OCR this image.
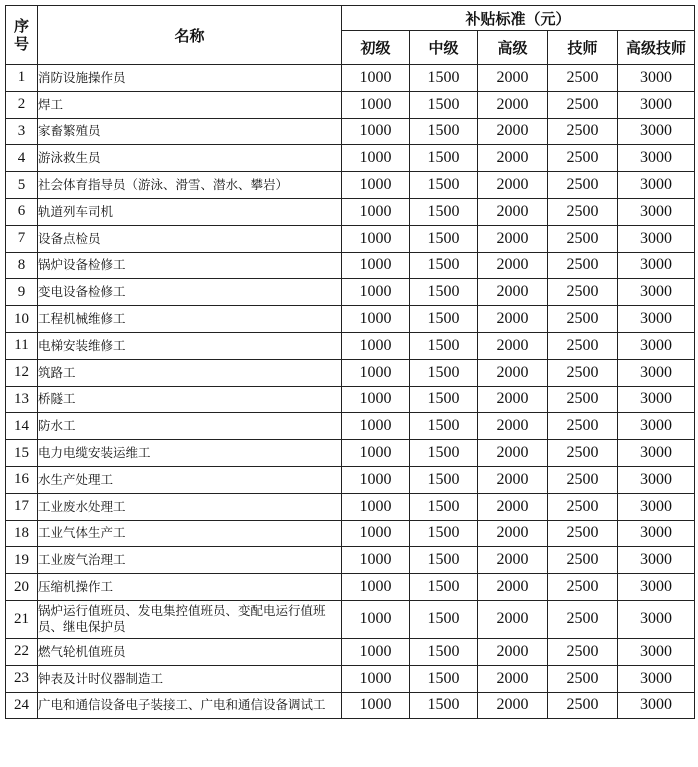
序
号	名称	补贴标准（元）				
		初级	中级	高级	技师	高级技师
1	消防设施操作员	1000	1500	2000	2500	3000
2	焊工	1000	1500	2000	2500	3000
3	家畜繁殖员	1000	1500	2000	2500	3000
4	游泳救生员	1000	1500	2000	2500	3000
5	社会体育指导员（游泳、滑雪、潜水、攀岩）	1000	1500	2000	2500	3000
6	轨道列车司机	1000	1500	2000	2500	3000
7	设备点检员	1000	1500	2000	2500	3000
8	锅炉设备检修工	1000	1500	2000	2500	3000
9	变电设备检修工	1000	1500	2000	2500	3000
10	工程机械维修工	1000	1500	2000	2500	3000
11	电梯安装维修工	1000	1500	2000	2500	3000
12	筑路工	1000	1500	2000	2500	3000
13	桥隧工	1000	1500	2000	2500	3000
14	防水工	1000	1500	2000	2500	3000
15	电力电缆安装运维工	1000	1500	2000	2500	3000
16	水生产处理工	1000	1500	2000	2500	3000
17	工业废水处理工	1000	1500	2000	2500	3000
18	工业气体生产工	1000	1500	2000	2500	3000
19	工业废气治理工	1000	1500	2000	2500	3000
20	压缩机操作工	1000	1500	2000	2500	3000
21	锅炉运行值班员、发电集控值班员、变配电运行值班员、继电保护员	1000	1500	2000	2500	3000
22	燃气轮机值班员	1000	1500	2000	2500	3000
23	钟表及计时仪器制造工	1000	1500	2000	2500	3000
24	广电和通信设备电子装接工、广电和通信设备调试工	1000	1500	2000	2500	3000
